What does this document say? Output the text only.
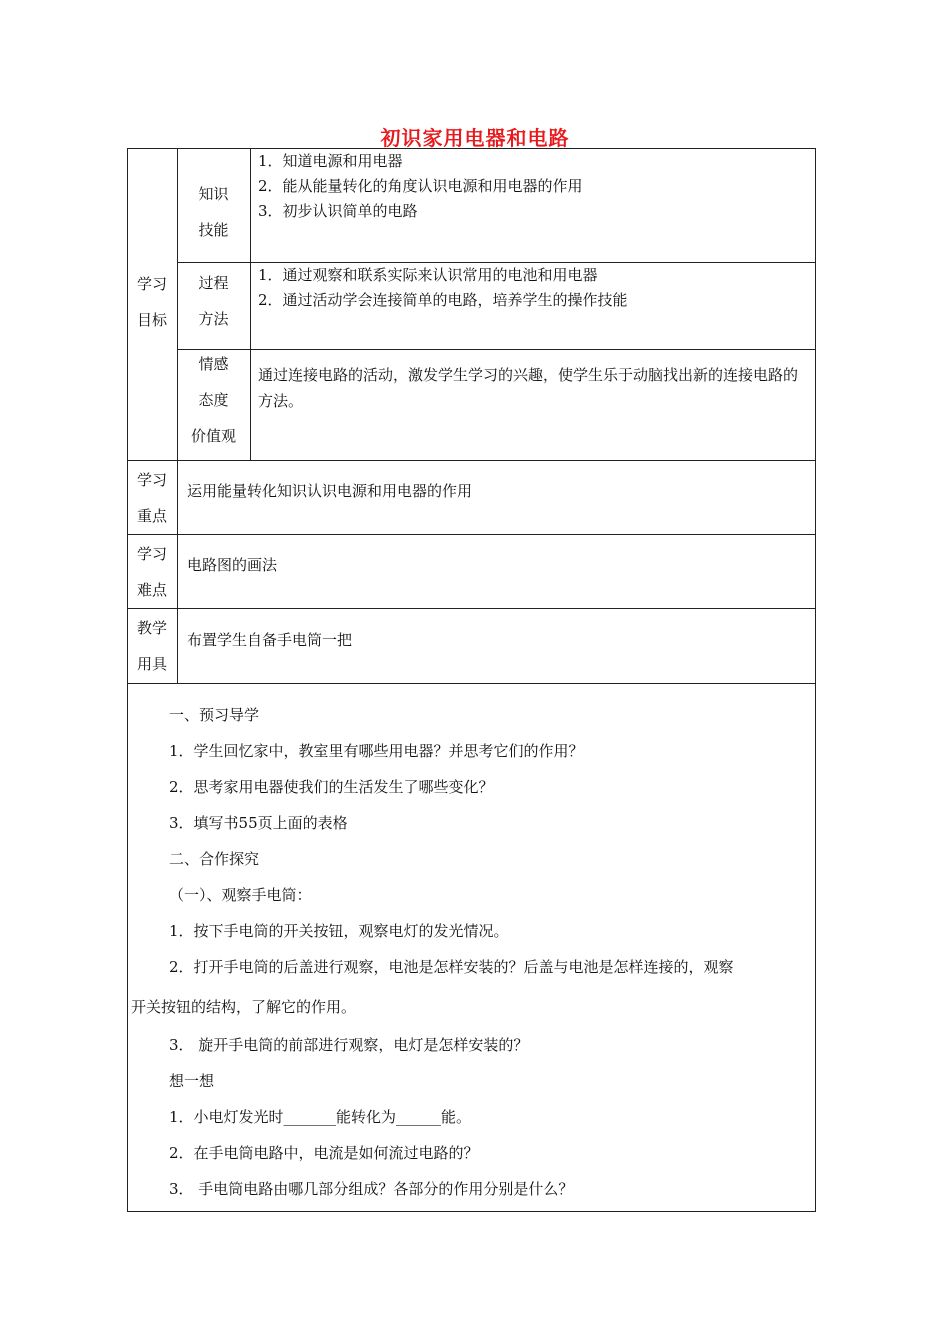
初识家用电器和电路
学习
目标
知识
技能
1．知道电源和用电器
2．能从能量转化的角度认识电源和用电器的作用
3．初步认识简单的电路
过程
方法
1．通过观察和联系实际来认识常用的电池和用电器
2．通过活动学会连接简单的电路，培养学生的操作技能
情感
态度
价值观
通过连接电路的活动，激发学生学习的兴趣，使学生乐于动脑找出新的连接电路的方法。
学习
重点
运用能量转化知识认识电源和用电器的作用
学习
难点
电路图的画法
教学
用具
布置学生自备手电筒一把
一、预习导学
1．学生回忆家中，教室里有哪些用电器？并思考它们的作用？
2．思考家用电器使我们的生活发生了哪些变化？
3．填写书55页上面的表格
二、合作探究
（一）、观察手电筒：
1．按下手电筒的开关按钮，观察电灯的发光情况。
2．打开手电筒的后盖进行观察，电池是怎样安装的？后盖与电池是怎样连接的，观察
开关按钮的结构，了解它的作用。
3． 旋开手电筒的前部进行观察，电灯是怎样安装的？
想一想
1．小电灯发光时_______能转化为______能。
2．在手电筒电路中，电流是如何流过电路的？
3． 手电筒电路由哪几部分组成？各部分的作用分别是什么？
